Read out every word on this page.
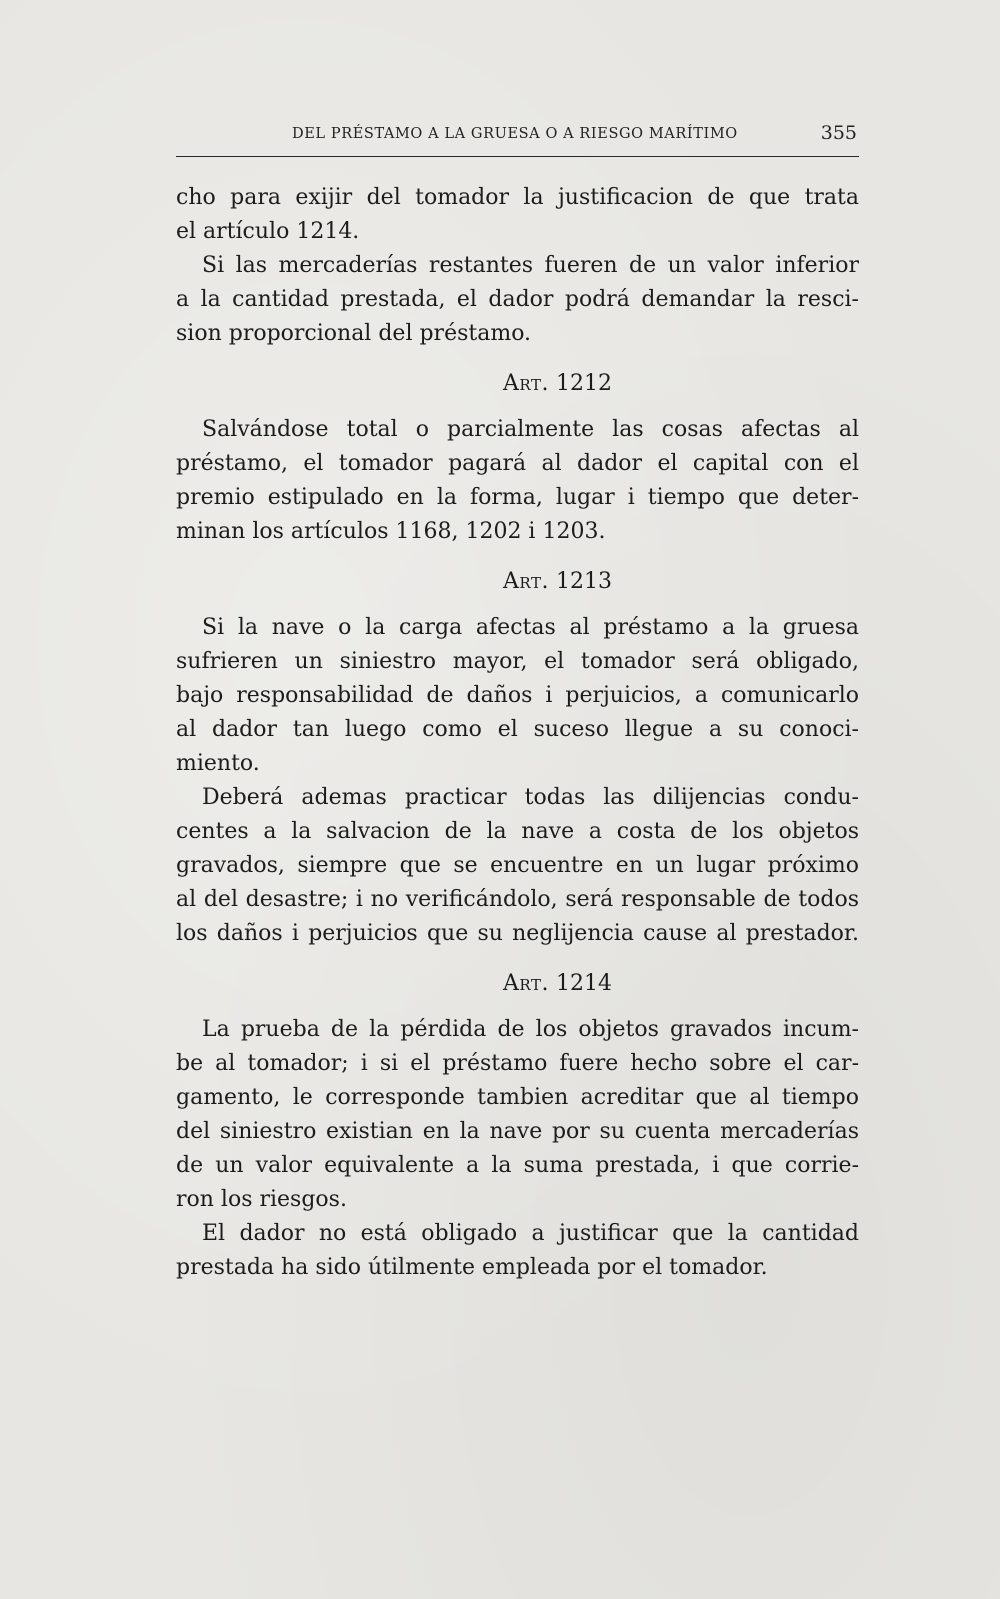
DEL PRÉSTAMO A LA GRUESA O A RIESGO MARÍTIMO	355
cho para exijir del tomador la justificacion de que trata
el artículo 1214.
Si las mercaderías restantes fueren de un valor inferior
a la cantidad prestada, el dador podrá demandar la resci-
sion proporcional del préstamo.
Art. 1212
Salvándose total o parcialmente las cosas afectas al
préstamo, el tomador pagará al dador el capital con el
premio estipulado en la forma, lugar i tiempo que deter-
minan los artículos 1168, 1202 i 1203.
Art. 1213
Si la nave o la carga afectas al préstamo a la gruesa
sufrieren un siniestro mayor, el tomador será obligado,
bajo responsabilidad de daños i perjuicios, a comunicarlo
al dador tan luego como el suceso llegue a su conoci-
miento.
Deberá ademas practicar todas las dilijencias condu-
centes a la salvacion de la nave a costa de los objetos
gravados, siempre que se encuentre en un lugar próximo
al del desastre; i no verificándolo, será responsable de todos
los daños i perjuicios que su neglijencia cause al prestador.
Art. 1214
La prueba de la pérdida de los objetos gravados incum-
be al tomador; i si el préstamo fuere hecho sobre el car-
gamento, le corresponde tambien acreditar que al tiempo
del siniestro existian en la nave por su cuenta mercaderías
de un valor equivalente a la suma prestada, i que corrie-
ron los riesgos.
El dador no está obligado a justificar que la cantidad
prestada ha sido útilmente empleada por el tomador.
